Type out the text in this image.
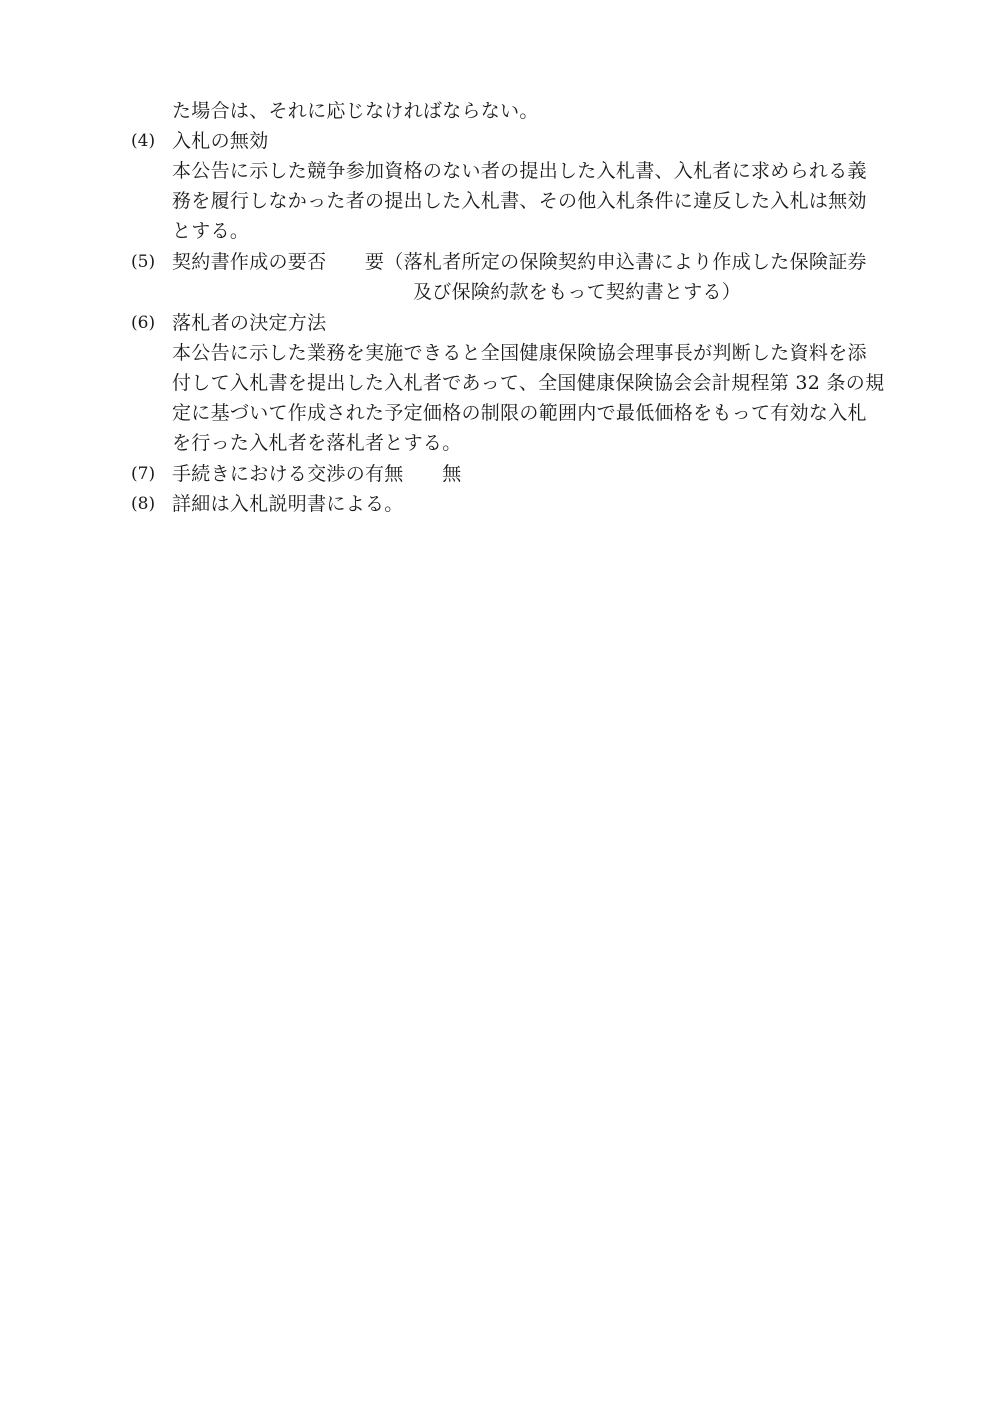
た場合は、それに応じなければならない。
(4) 入札の無効
本公告に示した競争参加資格のない者の提出した入札書、入札者に求められる義
務を履行しなかった者の提出した入札書、その他入札条件に違反した入札は無効
とする。
(5) 契約書作成の要否　　要（落札者所定の保険契約申込書により作成した保険証券
及び保険約款をもって契約書とする）
(6) 落札者の決定方法
本公告に示した業務を実施できると全国健康保険協会理事長が判断した資料を添
付して入札書を提出した入札者であって、全国健康保険協会会計規程第 32 条の規
定に基づいて作成された予定価格の制限の範囲内で最低価格をもって有効な入札
を行った入札者を落札者とする。
(7) 手続きにおける交渉の有無　　無
(8) 詳細は入札説明書による。
